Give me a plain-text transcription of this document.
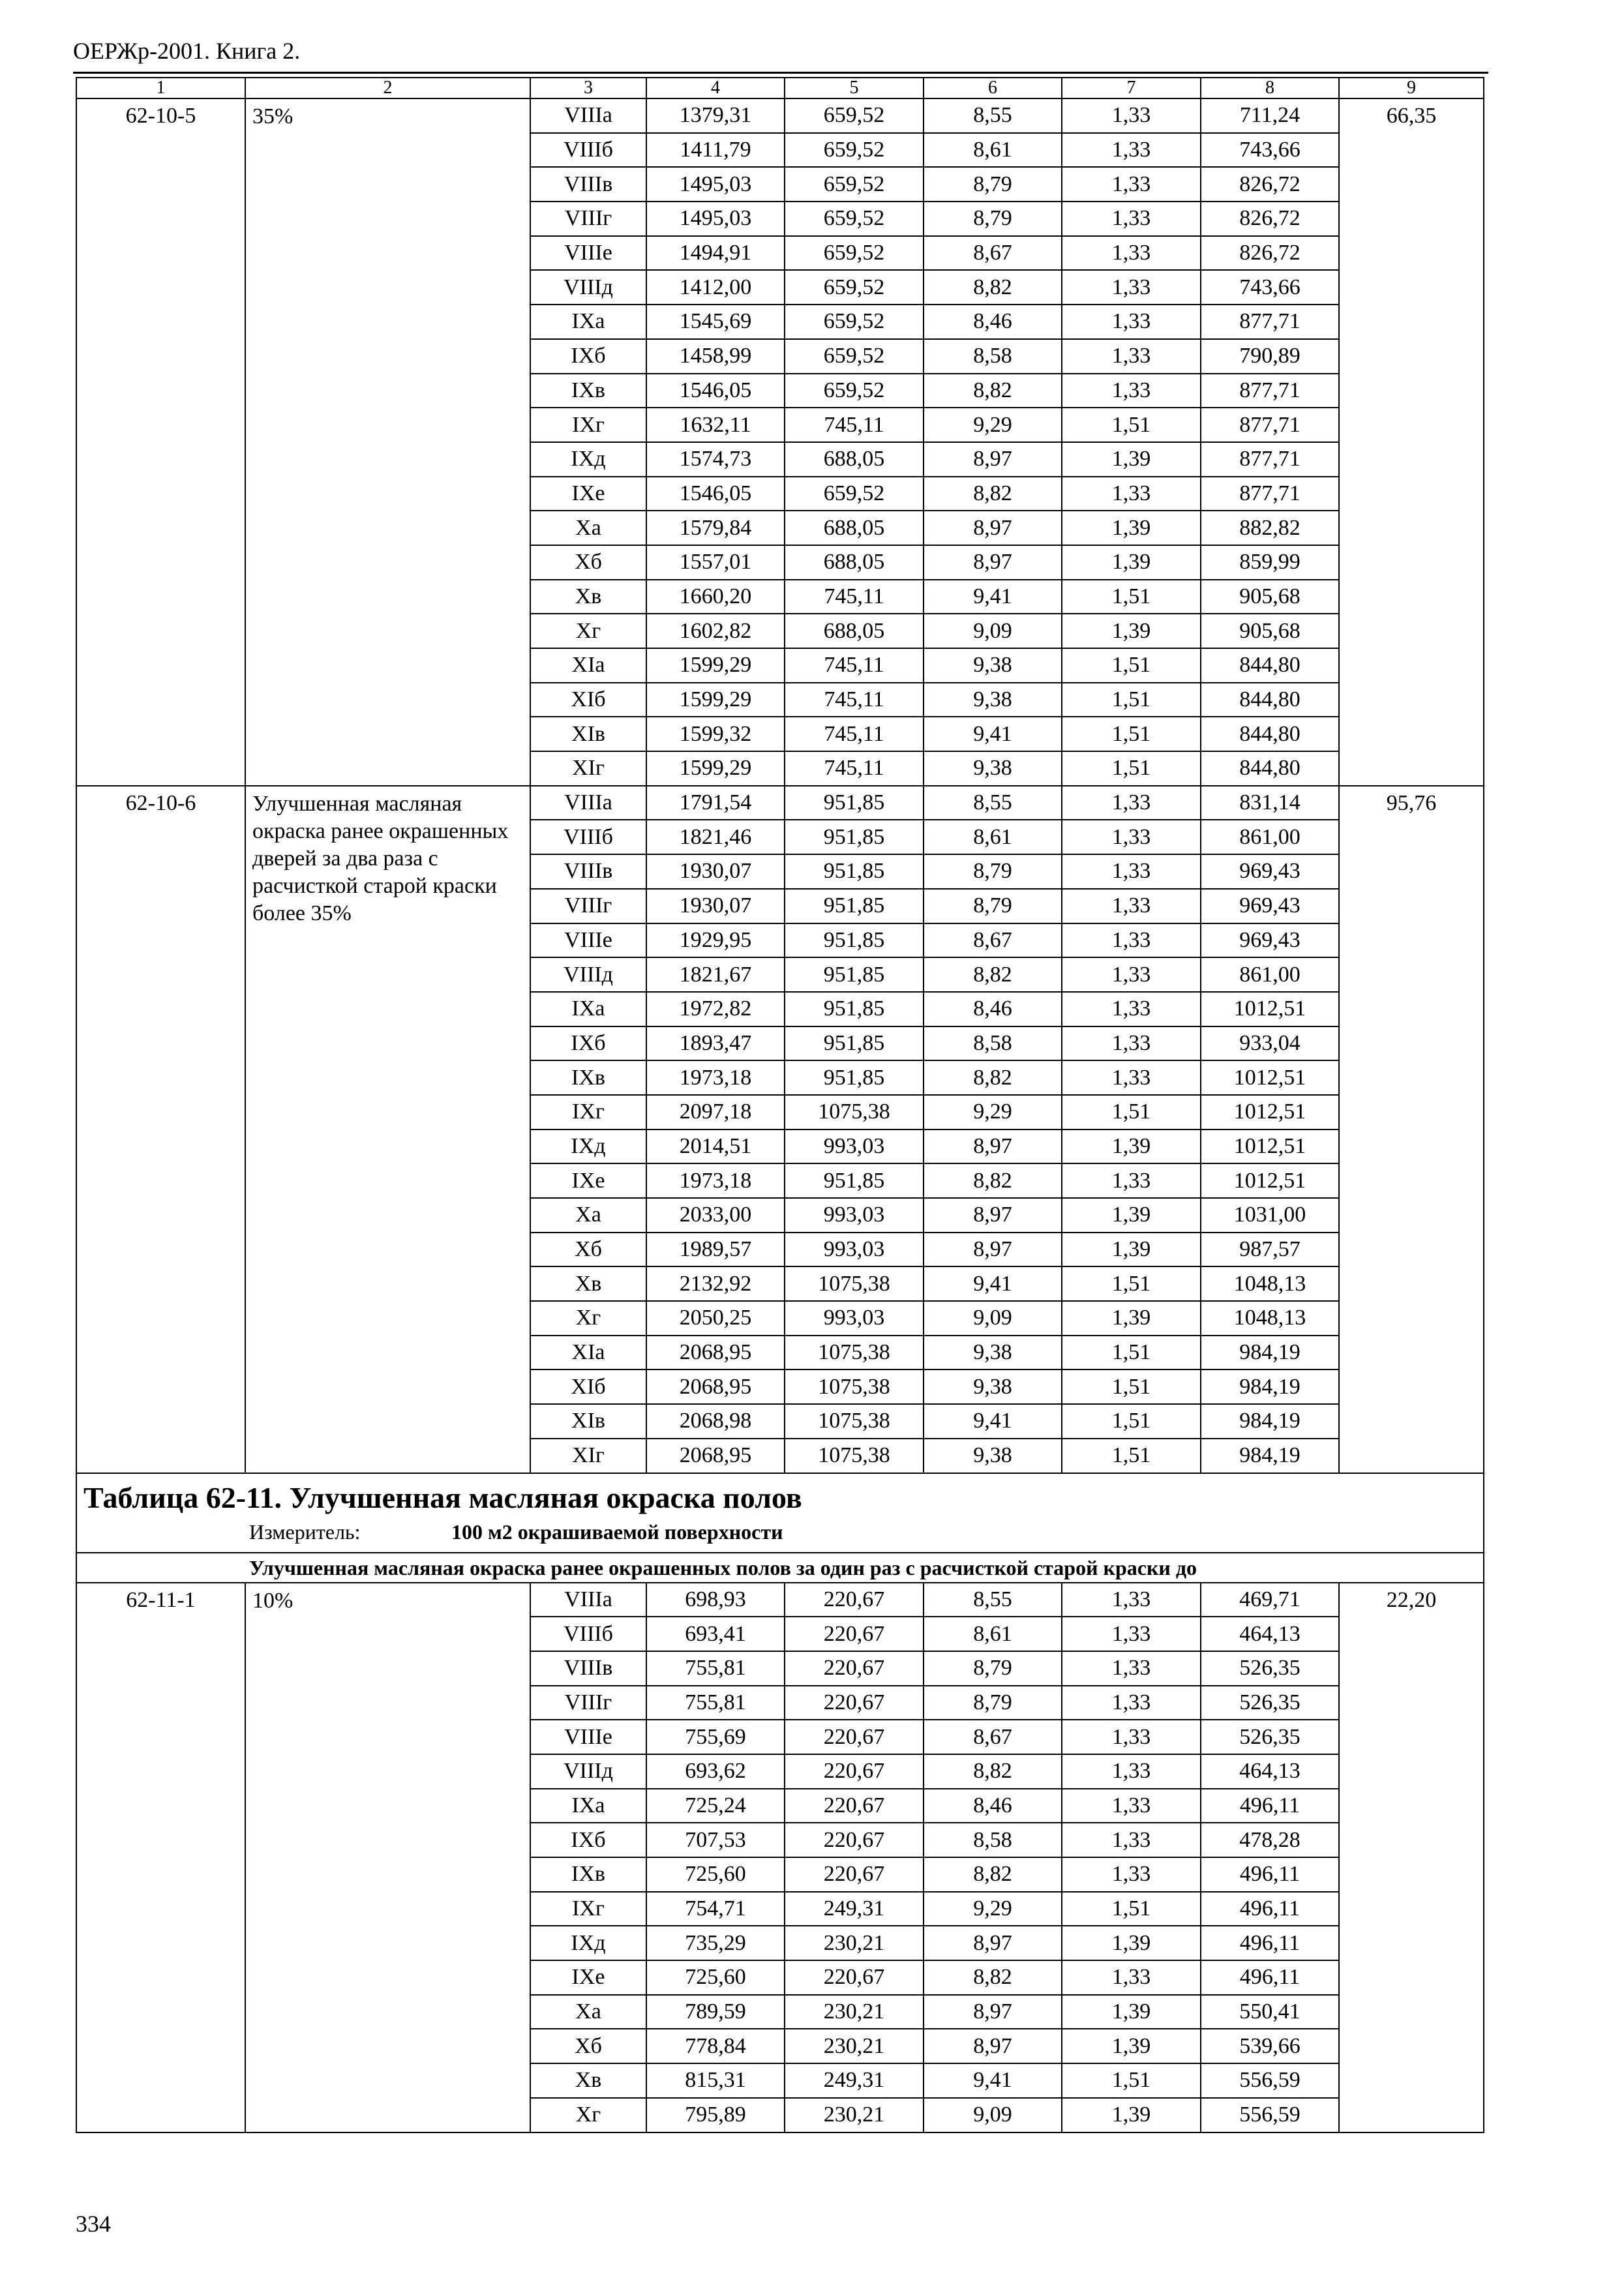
ОЕРЖр-2001. Книга 2.
1	2	3	4	5	6	7	8	9
62-10-5	35%	VIIIа	1379,31	659,52	8,55	1,33	711,24	66,35
		VIIIб	1411,79	659,52	8,61	1,33	743,66	
		VIIIв	1495,03	659,52	8,79	1,33	826,72	
		VIIIг	1495,03	659,52	8,79	1,33	826,72	
		VIIIе	1494,91	659,52	8,67	1,33	826,72	
		VIIIд	1412,00	659,52	8,82	1,33	743,66	
		IXа	1545,69	659,52	8,46	1,33	877,71	
		IXб	1458,99	659,52	8,58	1,33	790,89	
		IXв	1546,05	659,52	8,82	1,33	877,71	
		IXг	1632,11	745,11	9,29	1,51	877,71	
		IXд	1574,73	688,05	8,97	1,39	877,71	
		IXе	1546,05	659,52	8,82	1,33	877,71	
		Xа	1579,84	688,05	8,97	1,39	882,82	
		Xб	1557,01	688,05	8,97	1,39	859,99	
		Xв	1660,20	745,11	9,41	1,51	905,68	
		Xг	1602,82	688,05	9,09	1,39	905,68	
		XIа	1599,29	745,11	9,38	1,51	844,80	
		XIб	1599,29	745,11	9,38	1,51	844,80	
		XIв	1599,32	745,11	9,41	1,51	844,80	
		XIг	1599,29	745,11	9,38	1,51	844,80	
62-10-6	Улучшенная масляная окраска ранее окрашенных дверей за два раза с расчисткой старой краски более 35%	VIIIа	1791,54	951,85	8,55	1,33	831,14	95,76
		VIIIб	1821,46	951,85	8,61	1,33	861,00	
		VIIIв	1930,07	951,85	8,79	1,33	969,43	
		VIIIг	1930,07	951,85	8,79	1,33	969,43	
		VIIIе	1929,95	951,85	8,67	1,33	969,43	
		VIIIд	1821,67	951,85	8,82	1,33	861,00	
		IXа	1972,82	951,85	8,46	1,33	1012,51	
		IXб	1893,47	951,85	8,58	1,33	933,04	
		IXв	1973,18	951,85	8,82	1,33	1012,51	
		IXг	2097,18	1075,38	9,29	1,51	1012,51	
		IXд	2014,51	993,03	8,97	1,39	1012,51	
		IXе	1973,18	951,85	8,82	1,33	1012,51	
		Xа	2033,00	993,03	8,97	1,39	1031,00	
		Xб	1989,57	993,03	8,97	1,39	987,57	
		Xв	2132,92	1075,38	9,41	1,51	1048,13	
		Xг	2050,25	993,03	9,09	1,39	1048,13	
		XIа	2068,95	1075,38	9,38	1,51	984,19	
		XIб	2068,95	1075,38	9,38	1,51	984,19	
		XIв	2068,98	1075,38	9,41	1,51	984,19	
		XIг	2068,95	1075,38	9,38	1,51	984,19	

Таблица 62-11. Улучшенная масляная окраска полов
Измеритель: 100 м2 окрашиваемой поверхности								

Улучшенная масляная окраска ранее окрашенных полов за один раз с расчисткой старой краски до								
62-11-1	10%	VIIIа	698,93	220,67	8,55	1,33	469,71	22,20
		VIIIб	693,41	220,67	8,61	1,33	464,13	
		VIIIв	755,81	220,67	8,79	1,33	526,35	
		VIIIг	755,81	220,67	8,79	1,33	526,35	
		VIIIе	755,69	220,67	8,67	1,33	526,35	
		VIIIд	693,62	220,67	8,82	1,33	464,13	
		IXа	725,24	220,67	8,46	1,33	496,11	
		IXб	707,53	220,67	8,58	1,33	478,28	
		IXв	725,60	220,67	8,82	1,33	496,11	
		IXг	754,71	249,31	9,29	1,51	496,11	
		IXд	735,29	230,21	8,97	1,39	496,11	
		IXе	725,60	220,67	8,82	1,33	496,11	
		Xа	789,59	230,21	8,97	1,39	550,41	
		Xб	778,84	230,21	8,97	1,39	539,66	
		Xв	815,31	249,31	9,41	1,51	556,59	
		Xг	795,89	230,21	9,09	1,39	556,59	
334
